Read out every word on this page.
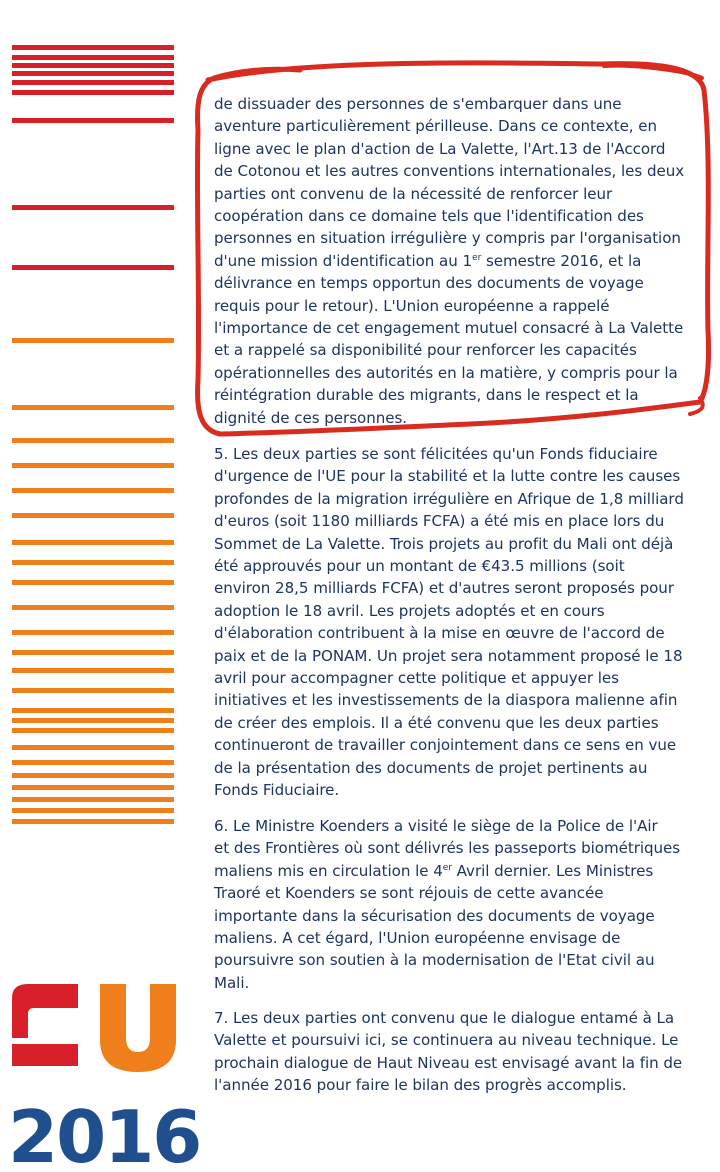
2016
de dissuader des personnes de s'embarquer dans une
aventure particulièrement périlleuse. Dans ce contexte, en
ligne avec le plan d'action de La Valette, l'Art.13 de l'Accord
de Cotonou et les autres conventions internationales, les deux
parties ont convenu de la nécessité de renforcer leur
coopération dans ce domaine tels que l'identification des
personnes en situation irrégulière y compris par l'organisation
d'une mission d'identification au 1er semestre 2016, et la
délivrance en temps opportun des documents de voyage
requis pour le retour). L'Union européenne a rappelé
l'importance de cet engagement mutuel consacré à La Valette
et a rappelé sa disponibilité pour renforcer les capacités
opérationnelles des autorités en la matière, y compris pour la
réintégration durable des migrants, dans le respect et la
dignité de ces personnes.
5. Les deux parties se sont félicitées qu'un Fonds fiduciaire
d'urgence de l'UE pour la stabilité et la lutte contre les causes
profondes de la migration irrégulière en Afrique de 1,8 milliard
d'euros (soit 1180 milliards FCFA) a été mis en place lors du
Sommet de La Valette. Trois projets au profit du Mali ont déjà
été approuvés pour un montant de €43.5 millions (soit
environ 28,5 milliards FCFA) et d'autres seront proposés pour
adoption le 18 avril. Les projets adoptés et en cours
d'élaboration contribuent à la mise en œuvre de l'accord de
paix et de la PONAM. Un projet sera notamment proposé le 18
avril pour accompagner cette politique et appuyer les
initiatives et les investissements de la diaspora malienne afin
de créer des emplois. Il a été convenu que les deux parties
continueront de travailler conjointement dans ce sens en vue
de la présentation des documents de projet pertinents au
Fonds Fiduciaire.
6. Le Ministre Koenders a visité le siège de la Police de l'Air
et des Frontières où sont délivrés les passeports biométriques
maliens mis en circulation le 4er Avril dernier. Les Ministres
Traoré et Koenders se sont réjouis de cette avancée
importante dans la sécurisation des documents de voyage
maliens. A cet égard, l'Union européenne envisage de
poursuivre son soutien à la modernisation de l'Etat civil au
Mali.
7. Les deux parties ont convenu que le dialogue entamé à La
Valette et poursuivi ici, se continuera au niveau technique. Le
prochain dialogue de Haut Niveau est envisagé avant la fin de
l'année 2016 pour faire le bilan des progrès accomplis.
